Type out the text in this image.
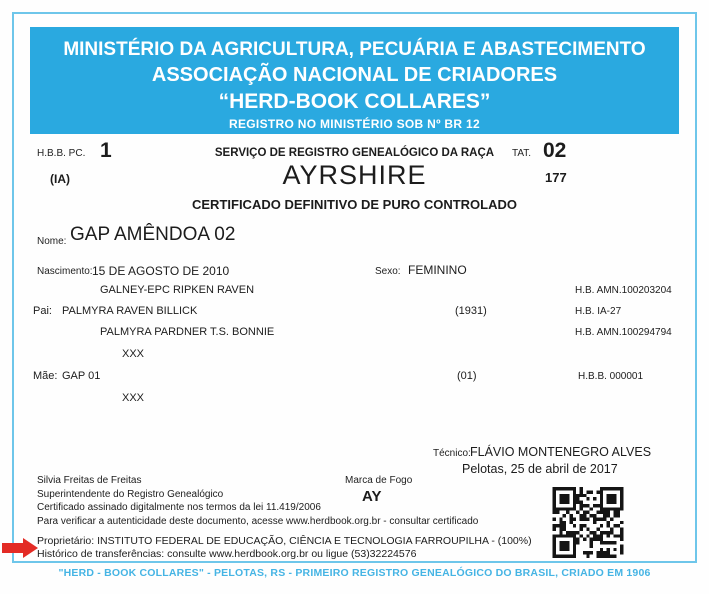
MINISTÉRIO DA AGRICULTURA, PECUÁRIA E ABASTECIMENTO
ASSOCIAÇÃO NACIONAL DE CRIADORES
“HERD-BOOK COLLARES”
REGISTRO NO MINISTÉRIO SOB Nº BR 12
H.B.B. PC. 1	SERVIÇO DE REGISTRO GENEALÓGICO DA RAÇA	TAT. 02
(IA)	AYRSHIRE	177
CERTIFICADO DEFINITIVO DE PURO CONTROLADO
Nome: GAP AMÊNDOA 02
Nascimento: 15 DE AGOSTO DE 2010	Sexo: FEMININO
GALNEY-EPC RIPKEN RAVEN	H.B. AMN.100203204
Pai: PALMYRA RAVEN BILLICK	(1931)	H.B. IA-27
PALMYRA PARDNER T.S. BONNIE	H.B. AMN.100294794
XXX
Mãe: GAP 01	(01)	H.B.B. 000001
XXX
Técnico: FLÁVIO MONTENEGRO ALVES
Pelotas, 25 de abril de 2017
Silvia Freitas de Freitas
Superintendente do Registro Genealógico
Certificado assinado digitalmente nos termos da lei 11.419/2006
Para verificar a autenticidade deste documento, acesse www.herdbook.org.br - consultar certificado
Marca de Fogo
AY
Proprietário: INSTITUTO FEDERAL DE EDUCAÇÃO, CIÊNCIA E TECNOLOGIA FARROUPILHA - (100%)
Histórico de transferências: consulte www.herdbook.org.br ou ligue (53)32224576
"HERD - BOOK COLLARES" - PELOTAS, RS - PRIMEIRO REGISTRO GENEALÓGICO DO BRASIL, CRIADO EM 1906
